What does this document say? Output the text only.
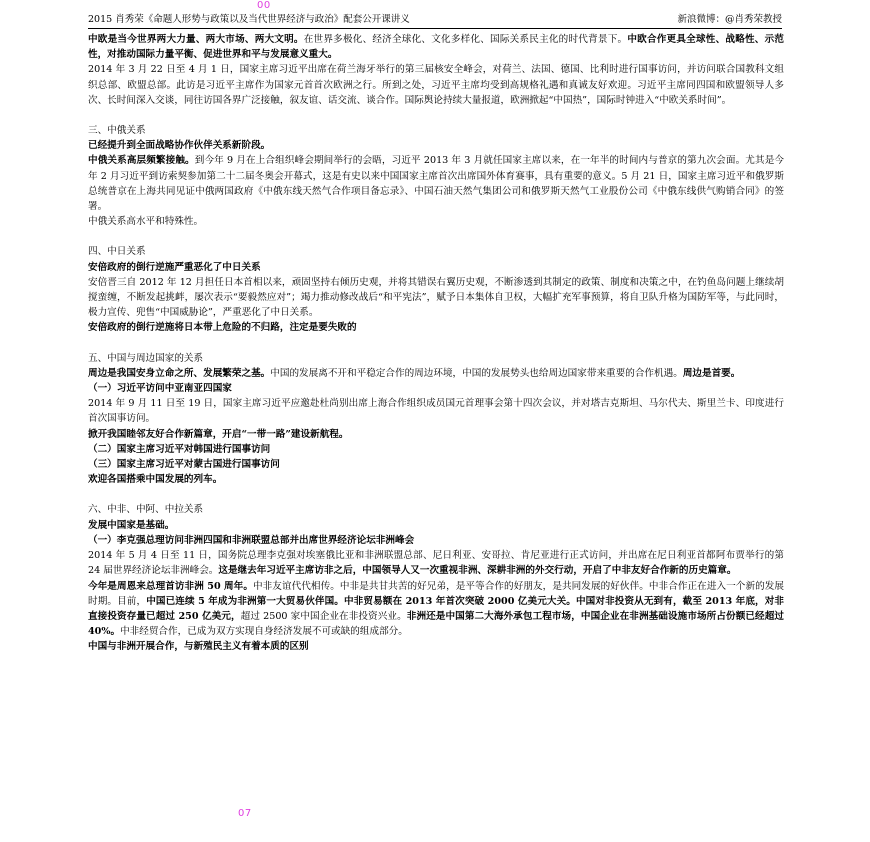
00
2015 肖秀荣《命题人形势与政策以及当代世界经济与政治》配套公开课讲义	新浪微博：@肖秀荣教授

中欧是当今世界两大力量、两大市场、两大文明。在世界多极化、经济全球化、文化多样化、国际关系民主化的时代背景下。中欧合作更具全球性、战略性、示范性，对推动国际力量平衡、促进世界和平与发展意义重大。

2014 年 3 月 22 日至 4 月 1 日，国家主席习近平出席在荷兰海牙举行的第三届核安全峰会，对荷兰、法国、德国、比利时进行国事访问，并访问联合国教科文组织总部、欧盟总部。此访是习近平主席作为国家元首首次欧洲之行。所到之处，习近平主席均受到高规格礼遇和真诚友好欢迎。习近平主席同四国和欧盟领导人多次、长时间深入交谈，同往访国各界广泛接触，叙友谊、话交流、谈合作。国际舆论持续大量报道，欧洲掀起“中国热”，国际时钟进入“中欧关系时间”。

三、中俄关系

已经提升到全面战略协作伙伴关系新阶段。

中俄关系高层频繁接触。到今年 9 月在上合组织峰会期间举行的会晤，习近平 2013 年 3 月就任国家主席以来，在一年半的时间内与普京的第九次会面。尤其是今年 2 月习近平到访索契参加第二十二届冬奥会开幕式，这是有史以来中国国家主席首次出席国外体育赛事，具有重要的意义。5 月 21 日，国家主席习近平和俄罗斯总统普京在上海共同见证中俄两国政府《中俄东线天然气合作项目备忘录》、中国石油天然气集团公司和俄罗斯天然气工业股份公司《中俄东线供气购销合同》的签署。

中俄关系高水平和特殊性。

四、中日关系

安倍政府的倒行逆施严重恶化了中日关系

安倍晋三自 2012 年 12 月担任日本首相以来，顽固坚持右倾历史观，并将其错误右翼历史观，不断渗透到其制定的政策、制度和决策之中，在钓鱼岛问题上继续胡搅蛮缠，不断发起挑衅，屡次表示“要毅然应对”；竭力推动修改战后“和平宪法”，赋予日本集体自卫权，大幅扩充军事预算，将自卫队升格为国防军等，与此同时，极力宣传、兜售“中国威胁论”，严重恶化了中日关系。

安倍政府的倒行逆施将日本带上危险的不归路，注定是要失败的

五、中国与周边国家的关系

周边是我国安身立命之所、发展繁荣之基。中国的发展离不开和平稳定合作的周边环境，中国的发展势头也给周边国家带来重要的合作机遇。周边是首要。

（一）习近平访问中亚南亚四国家

2014 年 9 月 11 日至 19 日，国家主席习近平应邀赴杜尚别出席上海合作组织成员国元首理事会第十四次会议，并对塔吉克斯坦、马尔代夫、斯里兰卡、印度进行首次国事访问。

掀开我国睦邻友好合作新篇章，开启“一带一路”建设新航程。

（二）国家主席习近平对韩国进行国事访问

（三）国家主席习近平对蒙古国进行国事访问

欢迎各国搭乘中国发展的列车。

六、中非、中阿、中拉关系

发展中国家是基础。

（一）李克强总理访问非洲四国和非洲联盟总部并出席世界经济论坛非洲峰会

2014 年 5 月 4 日至 11 日，国务院总理李克强对埃塞俄比亚和非洲联盟总部、尼日利亚、安哥拉、肯尼亚进行正式访问，并出席在尼日利亚首都阿布贾举行的第 24 届世界经济论坛非洲峰会。这是继去年习近平主席访非之后，中国领导人又一次重视非洲、深耕非洲的外交行动，开启了中非友好合作新的历史篇章。

今年是周恩来总理首访非洲 50 周年。中非友谊代代相传。中非是共甘共苦的好兄弟，是平等合作的好朋友，是共同发展的好伙伴。中非合作正在进入一个新的发展时期。目前，中国已连续 5 年成为非洲第一大贸易伙伴国。中非贸易额在 2013 年首次突破 2000 亿美元大关。中国对非投资从无到有，截至 2013 年底，对非直接投资存量已超过 250 亿美元，超过 2500 家中国企业在非投资兴业。非洲还是中国第二大海外承包工程市场，中国企业在非洲基础设施市场所占份额已经超过 40%。中非经贸合作，已成为双方实现自身经济发展不可或缺的组成部分。

中国与非洲开展合作，与新殖民主义有着本质的区别

07
